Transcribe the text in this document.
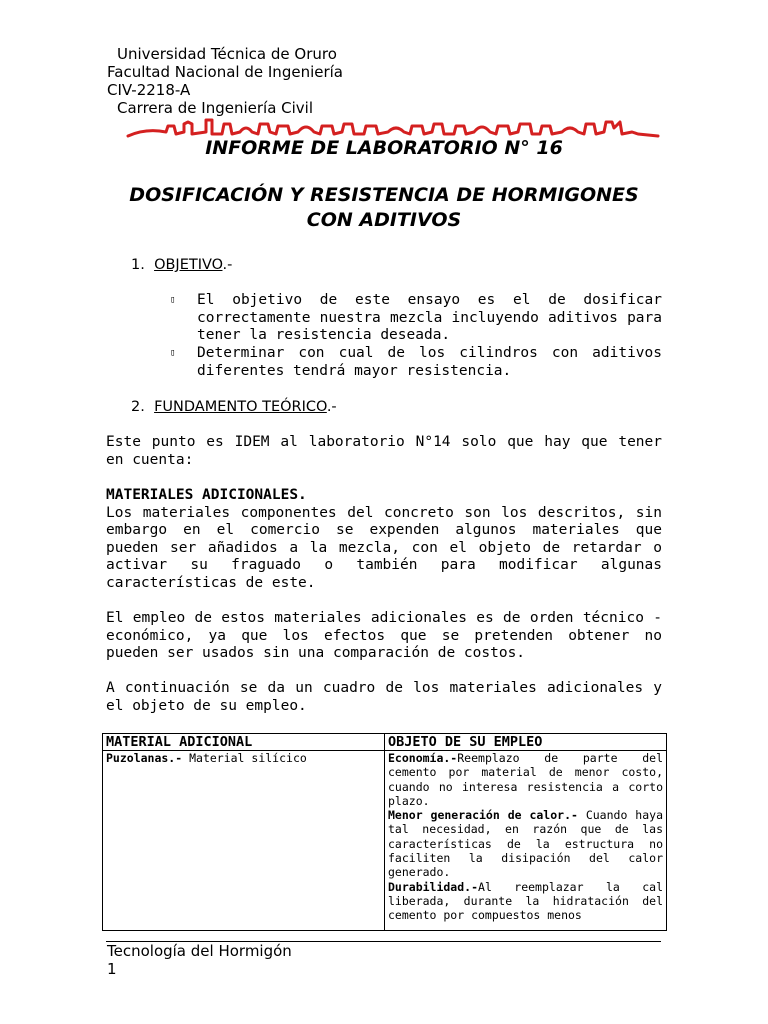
Universidad Técnica de Oruro
Facultad Nacional de Ingeniería
CIV-2218-A
Carrera de Ingeniería Civil
INFORME DE LABORATORIO N° 16
DOSIFICACIÓN Y RESISTENCIA DE HORMIGONES
CON ADITIVOS
1. OBJETIVO.-
▯ El objetivo de este ensayo es el de dosificar correctamente nuestra mezcla incluyendo aditivos para tener la resistencia deseada.
▯ Determinar con cual de los cilindros con aditivos diferentes tendrá mayor resistencia.
2. FUNDAMENTO TEÓRICO.-
Este punto es IDEM al laboratorio N°14 solo que hay que tener en cuenta:
MATERIALES ADICIONALES.
Los materiales componentes del concreto son los descritos, sin embargo en el comercio se expenden algunos materiales que pueden ser añadidos a la mezcla, con el objeto de retardar o activar su fraguado o también para modificar algunas características de este.
El empleo de estos materiales adicionales es de orden técnico - económico, ya que los efectos que se pretenden obtener no pueden ser usados sin una comparación de costos.
A continuación se da un cuadro de los materiales adicionales y el objeto de su empleo.
MATERIAL ADICIONAL	OBJETO DE SU EMPLEO
Puzolanas.- Material silícico	Economía.-Reemplazo de parte del cemento por material de menor costo, cuando no interesa resistencia a corto plazo.
Menor generación de calor.- Cuando haya tal necesidad, en razón que de las características de la estructura no faciliten la disipación del calor generado.
Durabilidad.-Al reemplazar la cal liberada, durante la hidratación del cemento por compuestos menos
Tecnología del Hormigón
1
